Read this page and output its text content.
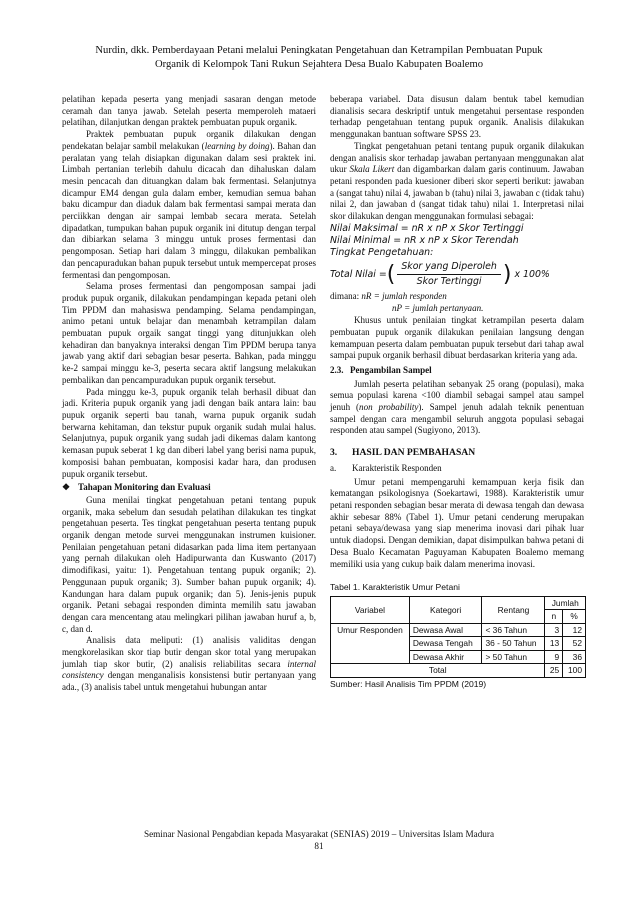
Nurdin, dkk. Pemberdayaan Petani melalui Peningkatan Pengetahuan dan Ketrampilan Pembuatan Pupuk
Organik di Kelompok Tani Rukun Sejahtera Desa Bualo Kabupaten Boalemo

pelatihan kepada peserta yang menjadi sasaran dengan metode ceramah dan tanya jawab. Setelah peserta memperoleh mataeri pelatihan, dilanjutkan dengan praktek pembuatan pupuk organik.

Praktek pembuatan pupuk organik dilakukan dengan pendekatan belajar sambil melakukan (learning by doing). Bahan dan peralatan yang telah disiapkan digunakan dalam sesi praktek ini. Limbah pertanian terlebih dahulu dicacah dan dihaluskan dalam mesin pencacah dan dituangkan dalam bak fermentasi. Selanjutnya dicampur EM4 dengan gula dalam ember, kemudian semua bahan baku dicampur dan diaduk dalam bak fermentasi sampai merata dan perciikkan dengan air sampai lembab secara merata. Setelah dipadatkan, tumpukan bahan pupuk organik ini ditutup dengan terpal dan dibiarkan selama 3 minggu untuk proses fermentasi dan pengomposan. Setiap hari dalam 3 minggu, dilakukan pembalikan dan pencapuradukan bahan pupuk tersebut untuk mempercepat proses fermentasi dan pengomposan.

Selama proses fermentasi dan pengomposan sampai jadi produk pupuk organik, dilakukan pendampingan kepada petani oleh Tim PPDM dan mahasiswa pendamping. Selama pendampingan, animo petani untuk belajar dan menambah ketrampilan dalam pembuatan pupuk orgaik sangat tinggi yang ditunjukkan oleh kehadiran dan banyaknya interaksi dengan Tim PPDM berupa tanya jawab yang aktif dari sebagian besar peserta. Bahkan, pada minggu ke-2 sampai minggu ke-3, peserta secara aktif langsung melakukan pembalikan dan pencampuradukan pupuk organik tersebut.

Pada minggu ke-3, pupuk organik telah berhasil dibuat dan jadi. Kriteria pupuk organik yang jadi dengan baik antara lain: bau pupuk organik seperti bau tanah, warna pupuk organik sudah berwarna kehitaman, dan tekstur pupuk organik sudah mulai halus. Selanjutnya, pupuk organik yang sudah jadi dikemas dalam kantong kemasan pupuk seberat 1 kg dan diberi label yang berisi nama pupuk, komposisi bahan pembuatan, komposisi kadar hara, dan produsen pupuk organik tersebut.

❖ Tahapan Monitoring dan Evaluasi

Guna menilai tingkat pengetahuan petani tentang pupuk organik, maka sebelum dan sesudah pelatihan dilakukan tes tingkat pengetahuan peserta. Tes tingkat pengetahuan peserta tentang pupuk organik dengan metode survei menggunakan instrumen kuisioner. Penilaian pengetahuan petani didasarkan pada lima item pertanyaan yang pernah dilakukan oleh Hadipurwanta dan Kuswanto (2017) dimodifikasi, yaitu: 1). Pengetahuan tentang pupuk organik; 2). Penggunaan pupuk organik; 3). Sumber bahan pupuk organik; 4). Kandungan hara dalam pupuk organik; dan 5). Jenis-jenis pupuk organik. Petani sebagai responden diminta memilih satu jawaban dengan cara mencentang atau melingkari pilihan jawaban huruf a, b, c, dan d.

Analisis data meliputi: (1) analisis validitas dengan mengkorelasikan skor tiap butir dengan skor total yang merupakan jumlah tiap skor butir, (2) analisis reliabilitas secara internal consistency dengan menganalisis konsistensi butir pertanyaan yang ada., (3) analisis tabel untuk mengetahui hubungan antar

beberapa variabel. Data disusun dalam bentuk tabel kemudian dianalisis secara deskriptif untuk mengetahui persentase responden terhadap pengetahuan tentang pupuk organik. Analisis dilakukan menggunakan bantuan software SPSS 23.

Tingkat pengetahuan petani tentang pupuk organik dilakukan dengan analisis skor terhadap jawaban pertanyaan menggunakan alat ukur Skala Likert dan digambarkan dalam garis continuum. Jawaban petani responden pada kuesioner diberi skor seperti berikut: jawaban a (sangat tahu) nilai 4, jawaban b (tahu) nilai 3, jawaban c (tidak tahu) nilai 2, dan jawaban d (sangat tidak tahu) nilai 1. Interpretasi nilai skor dilakukan dengan menggunakan formulasi sebagai:

Nilai Maksimal = nR x nP x Skor Tertinggi
Nilai Minimal = nR x nP x Skor Terendah
Tingkat Pengetahuan:
Total Nilai = ( $\frac{\text{Skor yang Diperoleh}}{\text{Skor Tertinggi}}$ ) x 100%

dimana: nR = jumlah responden

nP = jumlah pertanyaan.

Khusus untuk penilaian tingkat ketrampilan peserta dalam pembuatan pupuk organik dilakukan penilaian langsung dengan kemampuan peserta dalam pembuatan pupuk tersebut dari tahap awal sampai pupuk organik berhasil dibuat berdasarkan kriteria yang ada.

2.3. Pengambilan Sampel

Jumlah peserta pelatihan sebanyak 25 orang (populasi), maka semua populasi karena <100 diambil sebagai sampel atau sampel jenuh (non probability). Sampel jenuh adalah teknik penentuan sampel dengan cara mengambil seluruh anggota populasi sebagai responden atau sampel (Sugiyono, 2013).

3. HASIL DAN PEMBAHASAN
a. Karakteristik Responden

Umur petani mempengaruhi kemampuan kerja fisik dan kematangan psikologisnya (Soekartawi, 1988). Karakteristik umur petani responden sebagian besar merata di dewasa tengah dan dewasa akhir sebesar 88% (Tabel 1). Umur petani cenderung merupakan petani sebaya/dewasa yang siap menerima inovasi dari pihak luar untuk diadopsi. Dengan demikian, dapat disimpulkan bahwa petani di Desa Bualo Kecamatan Paguyaman Kabupaten Boalemo memang memiliki usia yang cukup baik dalam menerima inovasi.

Tabel 1. Karakteristik Umur Petani
Variabel	Kategori	Rentang	Jumlah	
			n	%
Umur Responden	Dewasa Awal	< 36 Tahun	3	12
	Dewasa Tengah	36 - 50 Tahun	13	52
	Dewasa Akhir	> 50 Tahun	9	36
Total			25	100
Sumber: Hasil Analisis Tim PPDM (2019)
Seminar Nasional Pengabdian kepada Masyarakat (SENIAS) 2019 – Universitas Islam Madura
81
